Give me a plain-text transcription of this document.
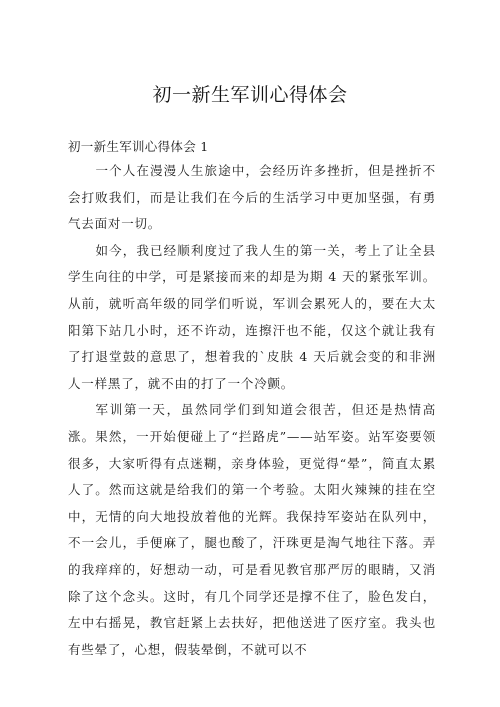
初一新生军训心得体会
初一新生军训心得体会 1

一个人在漫漫人生旅途中，会经历许多挫折，但是挫折不会打败我们，而是让我们在今后的生活学习中更加坚强，有勇气去面对一切。

如今，我已经顺利度过了我人生的第一关，考上了让全县学生向往的中学，可是紧接而来的却是为期 4 天的紧张军训。从前，就听高年级的同学们听说，军训会累死人的，要在大太阳第下站几小时，还不许动，连擦汗也不能，仅这个就让我有了打退堂鼓的意思了，想着我的`皮肤 4 天后就会变的和非洲人一样黑了，就不由的打了一个冷颤。

军训第一天，虽然同学们到知道会很苦，但还是热情高涨。果然，一开始便碰上了“拦路虎”——站军姿。站军姿要领很多，大家听得有点迷糊，亲身体验，更觉得“晕”，简直太累人了。然而这就是给我们的第一个考验。太阳火辣辣的挂在空中，无情的向大地投放着他的光辉。我保持军姿站在队列中，不一会儿，手便麻了，腿也酸了，汗珠更是淘气地往下落。弄的我痒痒的，好想动一动，可是看见教官那严厉的眼睛，又消除了这个念头。这时，有几个同学还是撑不住了，脸色发白，左中右摇晃，教官赶紧上去扶好，把他送进了医疗室。我头也有些晕了，心想，假装晕倒，不就可以不
